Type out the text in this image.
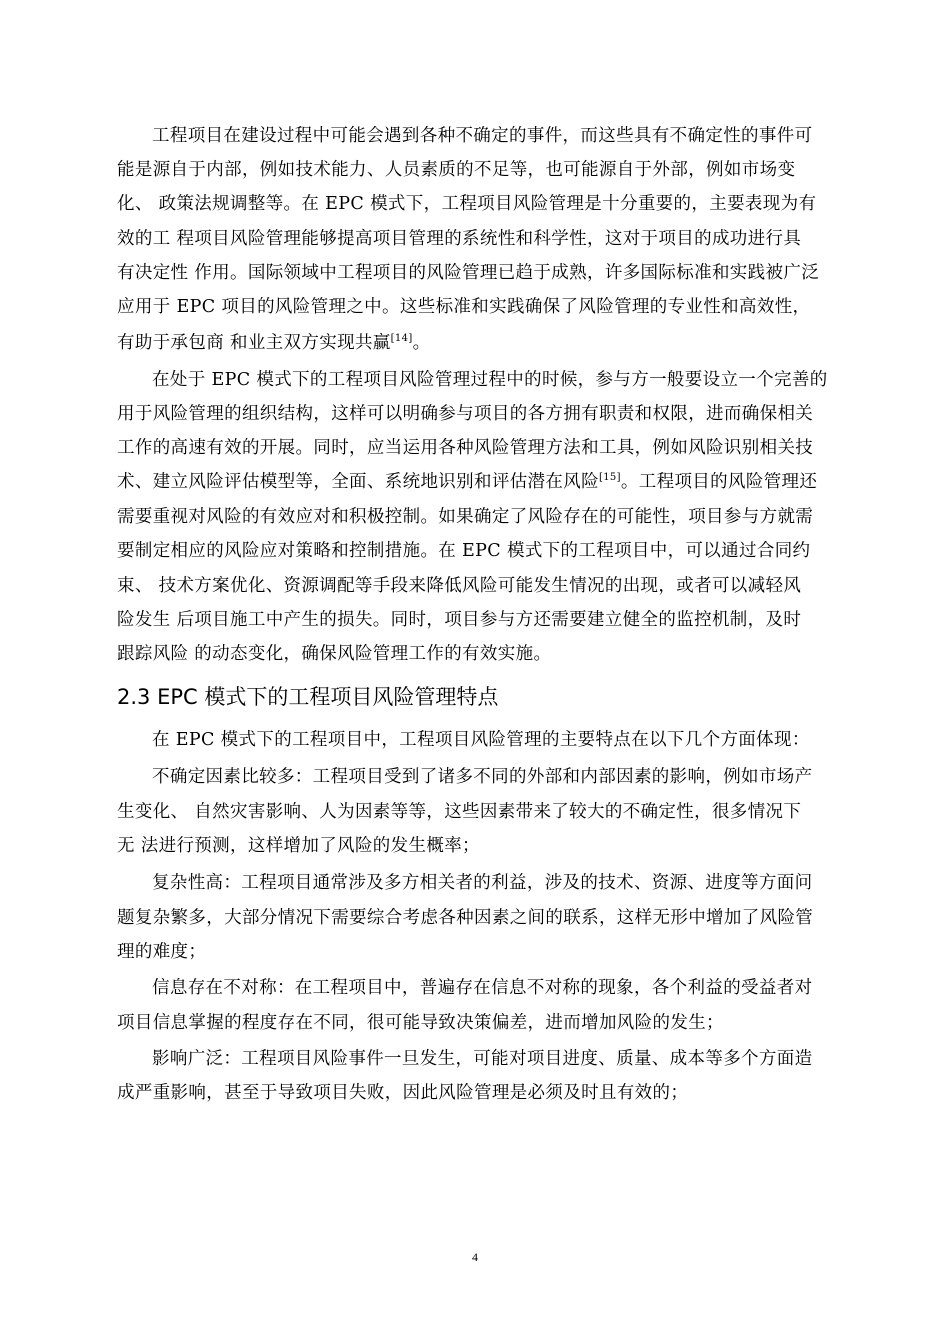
工程项目在建设过程中可能会遇到各种不确定的事件，而这些具有不确定性的事件可
能是源自于内部，例如技术能力、人员素质的不足等，也可能源自于外部，例如市场变
化、 政策法规调整等。在 EPC 模式下，工程项目风险管理是十分重要的，主要表现为有
效的工 程项目风险管理能够提高项目管理的系统性和科学性，这对于项目的成功进行具
有决定性 作用。国际领域中工程项目的风险管理已趋于成熟，许多国际标准和实践被广泛
应用于 EPC 项目的风险管理之中。这些标准和实践确保了风险管理的专业性和高效性，
有助于承包商 和业主双方实现共赢[14]。
在处于 EPC 模式下的工程项目风险管理过程中的时候，参与方一般要设立一个完善的
用于风险管理的组织结构，这样可以明确参与项目的各方拥有职责和权限，进而确保相关
工作的高速有效的开展。同时，应当运用各种风险管理方法和工具，例如风险识别相关技
术、建立风险评估模型等，全面、系统地识别和评估潜在风险[15]。工程项目的风险管理还
需要重视对风险的有效应对和积极控制。如果确定了风险存在的可能性，项目参与方就需
要制定相应的风险应对策略和控制措施。在 EPC 模式下的工程项目中，可以通过合同约
束、 技术方案优化、资源调配等手段来降低风险可能发生情况的出现，或者可以减轻风
险发生 后项目施工中产生的损失。同时，项目参与方还需要建立健全的监控机制，及时
跟踪风险 的动态变化，确保风险管理工作的有效实施。
2.3 EPC 模式下的工程项目风险管理特点
在 EPC 模式下的工程项目中，工程项目风险管理的主要特点在以下几个方面体现：
不确定因素比较多：工程项目受到了诸多不同的外部和内部因素的影响，例如市场产
生变化、 自然灾害影响、人为因素等等，这些因素带来了较大的不确定性，很多情况下
无 法进行预测，这样增加了风险的发生概率；
复杂性高：工程项目通常涉及多方相关者的利益，涉及的技术、资源、进度等方面问
题复杂繁多，大部分情况下需要综合考虑各种因素之间的联系，这样无形中增加了风险管
理的难度；
信息存在不对称：在工程项目中，普遍存在信息不对称的现象，各个利益的受益者对
项目信息掌握的程度存在不同，很可能导致决策偏差，进而增加风险的发生；
影响广泛：工程项目风险事件一旦发生，可能对项目进度、质量、成本等多个方面造
成严重影响，甚至于导致项目失败，因此风险管理是必须及时且有效的；
4
